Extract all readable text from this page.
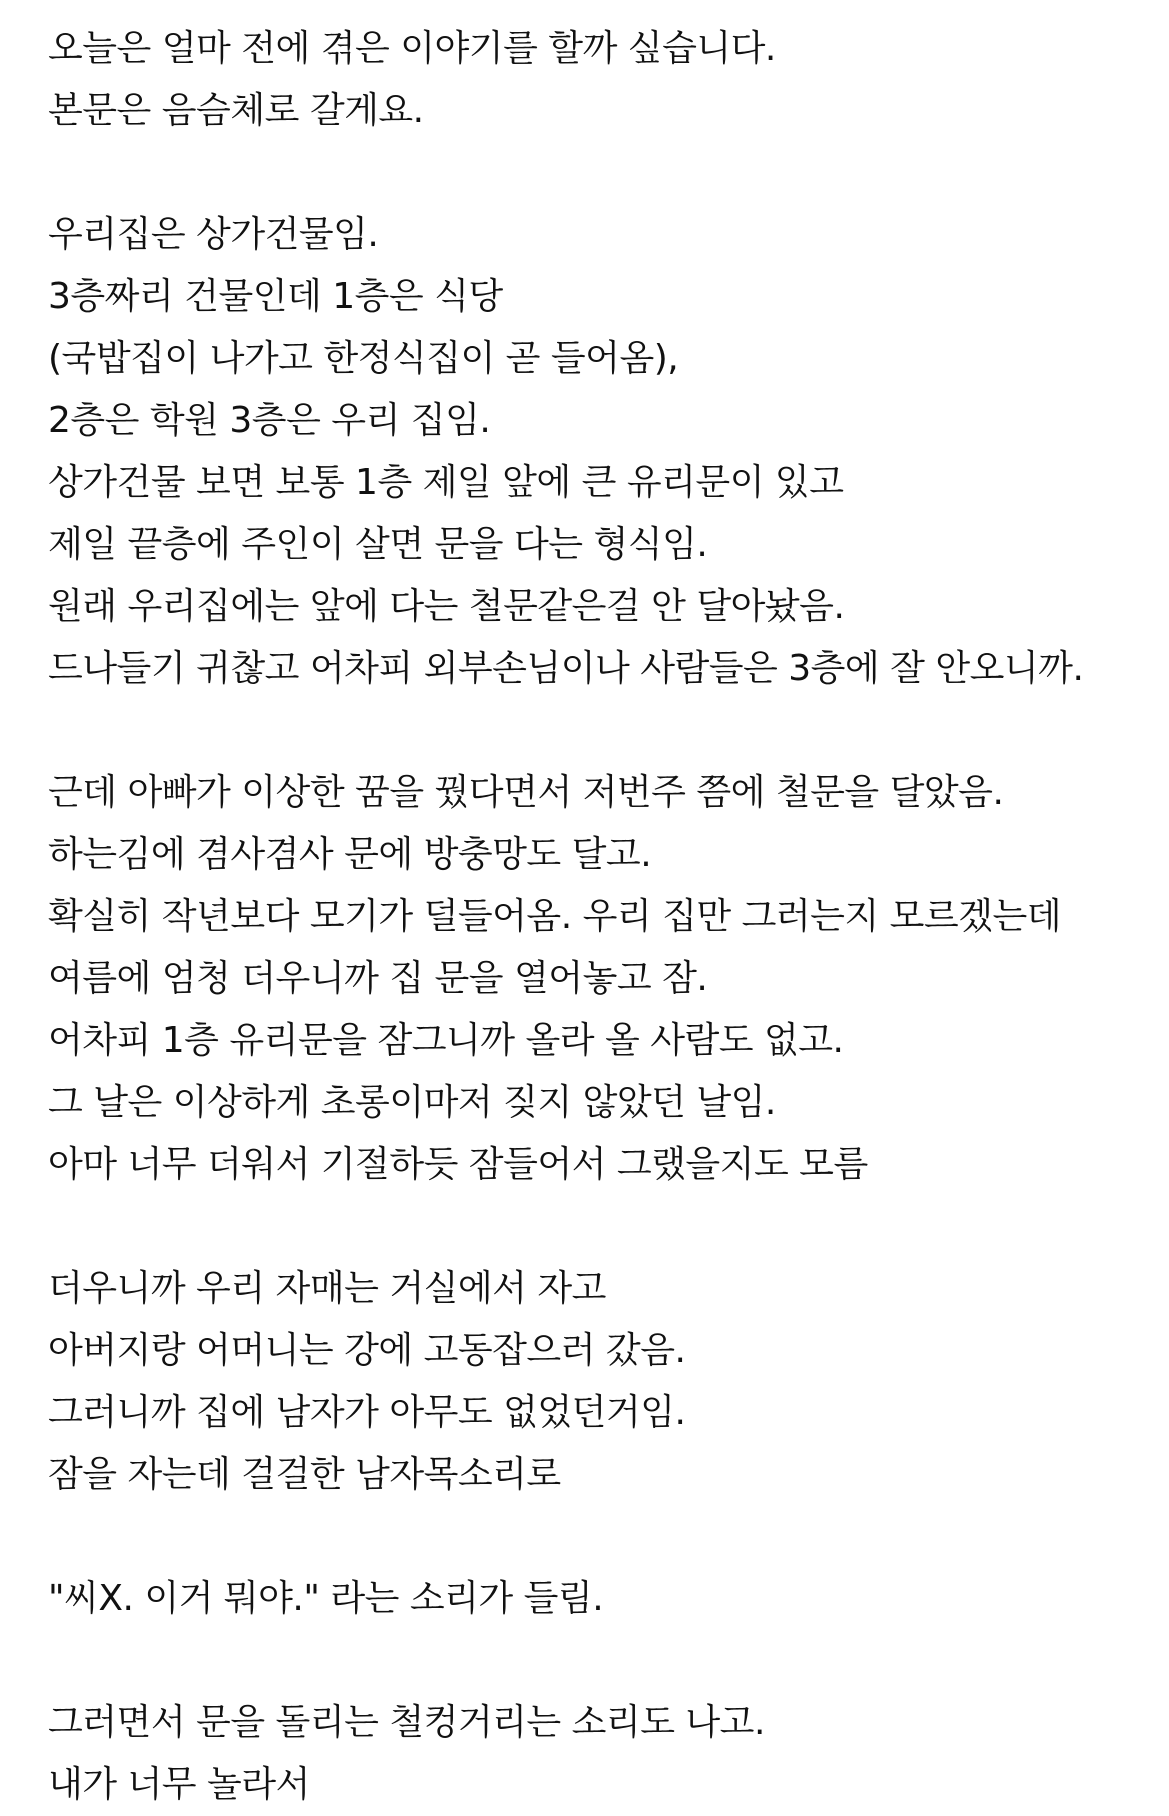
오늘은 얼마 전에 겪은 이야기를 할까 싶습니다.
본문은 음슴체로 갈게요.
우리집은 상가건물임.
3층짜리 건물인데 1층은 식당
(국밥집이 나가고 한정식집이 곧 들어옴),
2층은 학원 3층은 우리 집임.
상가건물 보면 보통 1층 제일 앞에 큰 유리문이 있고
제일 끝층에 주인이 살면 문을 다는 형식임.
원래 우리집에는 앞에 다는 철문같은걸 안 달아놨음.
드나들기 귀찮고 어차피 외부손님이나 사람들은 3층에 잘 안오니까.
근데 아빠가 이상한 꿈을 꿨다면서 저번주 쯤에 철문을 달았음.
하는김에 겸사겸사 문에 방충망도 달고.
확실히 작년보다 모기가 덜들어옴. 우리 집만 그러는지 모르겠는데
여름에 엄청 더우니까 집 문을 열어놓고 잠.
어차피 1층 유리문을 잠그니까 올라 올 사람도 없고.
그 날은 이상하게 초롱이마저 짖지 않았던 날임.
아마 너무 더워서 기절하듯 잠들어서 그랬을지도 모름
더우니까 우리 자매는 거실에서 자고
아버지랑 어머니는 강에 고동잡으러 갔음.
그러니까 집에 남자가 아무도 없었던거임.
잠을 자는데 걸걸한 남자목소리로
"씨X. 이거 뭐야." 라는 소리가 들림.
그러면서 문을 돌리는 철컹거리는 소리도 나고.
내가 너무 놀라서
